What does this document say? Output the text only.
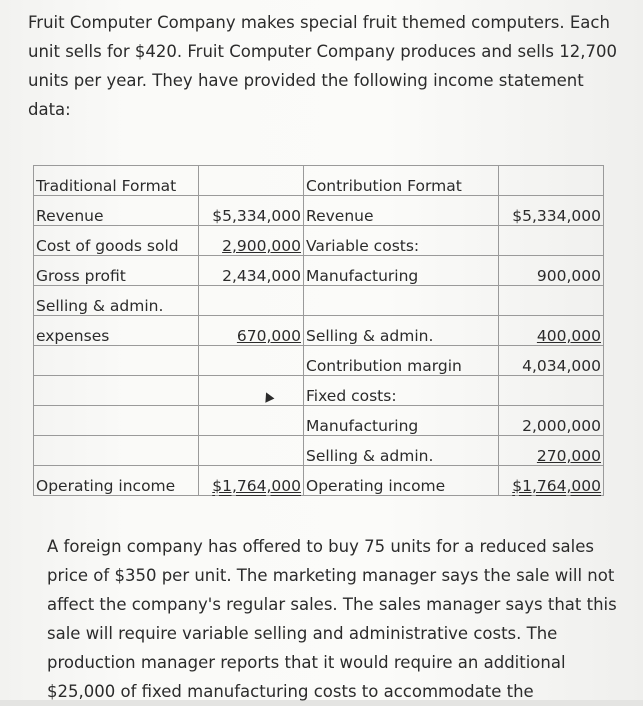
Fruit Computer Company makes special fruit themed computers. Each unit sells for $420. Fruit Computer Company produces and sells 12,700 units per year. They have provided the following income statement data:

Traditional Format		Contribution Format	
Revenue	$5,334,000	Revenue	$5,334,000
Cost of goods sold	2,900,000	Variable costs:	
Gross profit	2,434,000	Manufacturing	900,000
Selling & admin.			
expenses	670,000	Selling & admin.	400,000
		Contribution margin	4,034,000
		Fixed costs:	
		Manufacturing	2,000,000
		Selling & admin.	270,000
Operating income	$1,764,000	Operating income	$1,764,000

A foreign company has offered to buy 75 units for a reduced sales price of $350 per unit. The marketing manager says the sale will not affect the company's regular sales. The sales manager says that this sale will require variable selling and administrative costs. The production manager reports that it would require an additional $25,000 of fixed manufacturing costs to accommodate the
